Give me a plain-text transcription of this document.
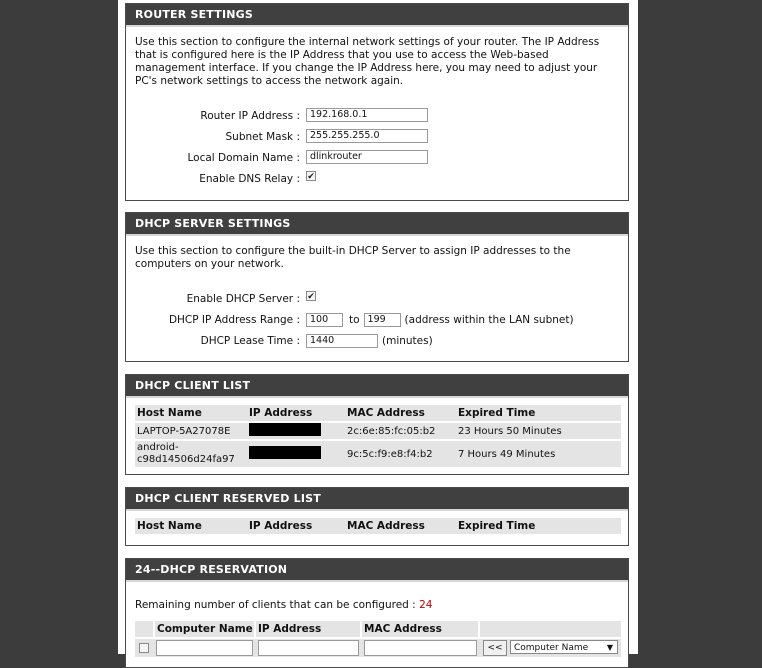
ROUTER SETTINGS
Use this section to configure the internal network settings of your router. The IP Address that is configured here is the IP Address that you use to access the Web-based management interface. If you change the IP Address here, you may need to adjust your PC's network settings to access the network again.
Router IP Address :
192.168.0.1
Subnet Mask :
255.255.255.0
Local Domain Name :
dlinkrouter
Enable DNS Relay : ✔
DHCP SERVER SETTINGS
Use this section to configure the built-in DHCP Server to assign IP addresses to the computers on your network.
Enable DHCP Server : ✔
DHCP IP Address Range :
100	to
199	(address within the LAN subnet)
DHCP Lease Time :
1440	(minutes)
DHCP CLIENT LIST
Host Name	IP Address	MAC Address	Expired Time
LAPTOP-5A27078E		2c:6e:85:fc:05:b2	23 Hours 50 Minutes

android-
c98d14506d24fa97		9c:5c:f9:e8:f4:b2	7 Hours 49 Minutes
DHCP CLIENT RESERVED LIST
Host Name	IP Address	MAC Address	Expired Time
24--DHCP RESERVATION
Remaining number of clients that can be configured : 24
Computer Name IP Address	MAC Address
<<	Computer Name ▼
